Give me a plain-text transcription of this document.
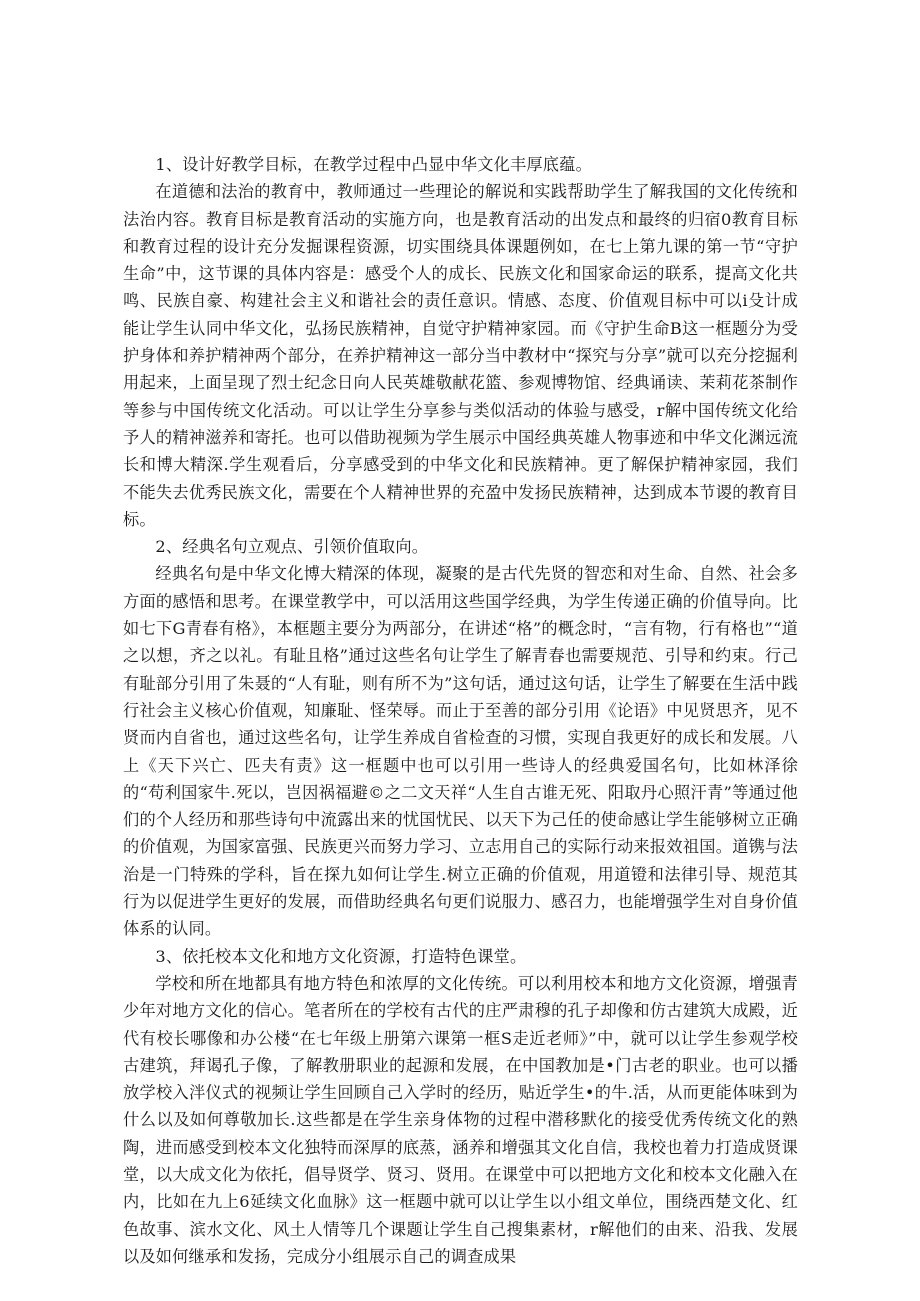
1、设计好教学目标，在教学过程中凸显中华文化丰厚底蕴。

在道德和法治的教育中，教师通过一些理论的解说和实践帮助学生了解我国的文化传统和法治内容。教育目标是教育活动的实施方向，也是教育活动的出发点和最终的归宿0教育目标和教育过程的设计充分发掘课程资源，切实围绕具体课題例如，在七上第九课的第一节“守护生命”中，这节课的具体内容是：感受个人的成长、民族文化和国家命运的联系，提高文化共鸣、民族自豪、构建社会主义和谐社会的责任意识。情感、态度、价值观目标中可以i殳计成能让学生认同中华文化，弘扬民族精神，自觉守护精神家园。而《守护生命B这一框题分为受护身体和养护精神两个部分，在养护精神这一部分当中教材中“探究与分享”就可以充分挖掘利用起来，上面呈现了烈士纪念日向人民英雄敬献花篮、参观博物馆、经典诵读、茉莉花茶制作等参与中国传统文化活动。可以让学生分享参与类似活动的体验与感受，r解中国传统文化给予人的精神滋养和寄托。也可以借助视频为学生展示中国经典英雄人物事迹和中华文化渊远流长和博大精深.学生观看后，分享感受到的中华文化和民族精神。更了解保护精神家园，我们不能失去优秀民族文化，需要在个人精神世界的充盈中发扬民族精神，达到成本节谡的教育目标。

2、经典名句立观点、引领价值取向。

经典名句是中华文化博大精深的体现，凝聚的是古代先贤的智恋和对生命、自然、社会多方面的感悟和思考。在课堂教学中，可以活用这些国学经典，为学生传递正确的价值导向。比如七下G青春有格》，本框题主要分为两部分，在讲述“格”的概念时，“言有物，行有格也”“道之以想，齐之以礼。有耻且格”通过这些名句让学生了解青春也需要规范、引导和约束。行己有耻部分引用了朱聂的“人有耻，则有所不为”这句话，通过这句话，让学生了解要在生活中践行社会主义核心价值观，知廉耻、怪荣辱。而止于至善的部分引用《论语》中见贤思齐，见不贤而内自省也，通过这些名句，让学生养成自省检查的习惯，实现自我更好的成长和发展。八上《天下兴亡、匹夫有责》这一框题中也可以引用一些诗人的经典爱国名句，比如林泽徐的“苟利国家牛.死以，岂因祸福避©之二文天祥“人生自古谁无死、阳取丹心照汗青”等通过他们的个人经历和那些诗句中流露出来的忧国忧民、以天下为己任的使命感让学生能够树立正确的价值观，为国家富强、民族更兴而努力学习、立志用自己的实际行动来报效祖国。道镌与法治是一门特殊的学科，旨在探九如何让学生.树立正确的价值观，用道镫和法律引导、规范其行为以促进学生更好的发展，而借助经典名句更们说服力、感召力，也能增强学生对自身价值体系的认同。

3、依托校本文化和地方文化资源，打造特色课堂。

学校和所在地都具有地方特色和浓厚的文化传统。可以利用校本和地方文化资源，增强青少年对地方文化的信心。笔者所在的学校有古代的庄严肃穆的孔子却像和仿古建筑大成殿，近代有校长哪像和办公楼“在七年级上册第六课第一框S走近老师》”中，就可以让学生参观学校古建筑，拜谒孔子像，了解教册职业的起源和发展，在中国教加是•门古老的职业。也可以播放学校入泮仪式的视频让学生回顾自己入学时的经历，贴近学生•的牛.活，从而更能体味到为什么以及如何尊敬加长.这些都是在学生亲身体物的过程中潜移默化的接受优秀传统文化的熟陶，进而感受到校本文化独特而深厚的底蒸，涵养和增强其文化自信，我校也着力打造成贤课堂，以大成文化为依托，倡导贤学、贤习、贤用。在课堂中可以把地方文化和校本文化融入在内，比如在九上6延续文化血脉》这一框题中就可以让学生以小组文单位，围绕西楚文化、红色故事、滨水文化、风土人情等几个课题让学生自己搜集素材，r解他们的由来、沿我、发展以及如何继承和发扬，完成分小组展示自己的调查成果
